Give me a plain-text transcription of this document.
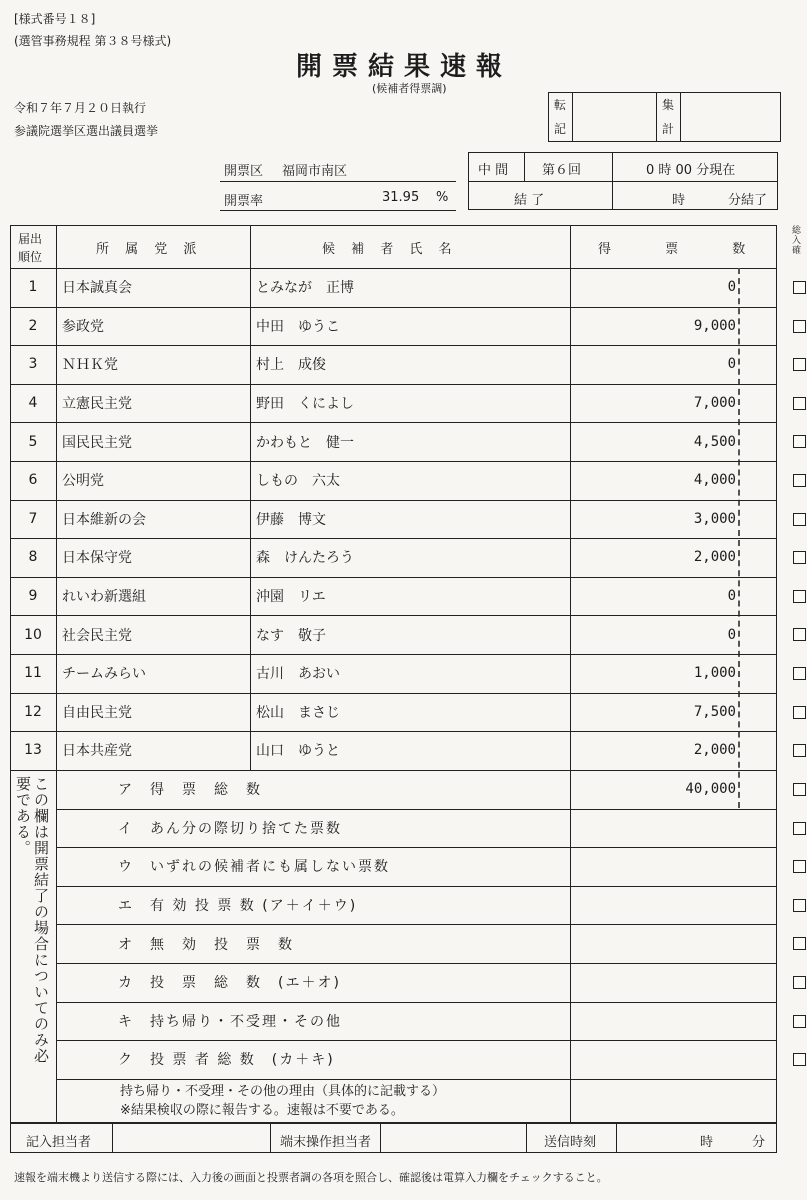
[様式番号１８]
(選管事務規程 第３８号様式)
開票結果速報
(候補者得票調)
令和７年７月２０日執行
参議院選挙区選出議員選挙
転
記
集
計
開票区 福岡市南区
開票率	31.95 %
中 間	第６回	0 時 00 分現在
結 了	時	分結了
届出
順位	所 属 党 派	候 補 者 氏 名	得 票 数
総
入
確
1	日本誠真会	とみなが　正博	0
2	参政党	中田　ゆうこ	9,000
3	ＮＨＫ党	村上　成俊	0
4	立憲民主党	野田　くによし	7,000
5	国民民主党	かわもと　健一	4,500
6	公明党	しもの　六太	4,000
7	日本維新の会	伊藤　博文	3,000
8	日本保守党	森　けんたろう	2,000
9	れいわ新選組	沖園　リエ	0
10	社会民主党	なす　敬子	0
11	チームみらい	古川　あおい	1,000
12	自由民主党	松山　まさじ	7,500
13	日本共産党	山口　ゆうと	2,000
この欄は開票結了の場合についてのみ必要である。	ア　得　票　総　数	40,000
イ　あん分の際切り捨てた票数
ウ　いずれの候補者にも属しない票数
エ　有 効 投 票 数 (ア＋イ＋ウ)
オ　無　効　投　票　数
カ　投　票　総　数　(エ＋オ)
キ　持ち帰り・不受理・その他
ク　投 票 者 総 数　(カ＋キ)
持ち帰り・不受理・その他の理由（具体的に記載する）
※結果検収の際に報告する。速報は不要である。
記入担当者	端末操作担当者	送信時刻	時	分
速報を端末機より送信する際には、入力後の画面と投票者調の各項を照合し、確認後は電算入力欄をチェックすること。
